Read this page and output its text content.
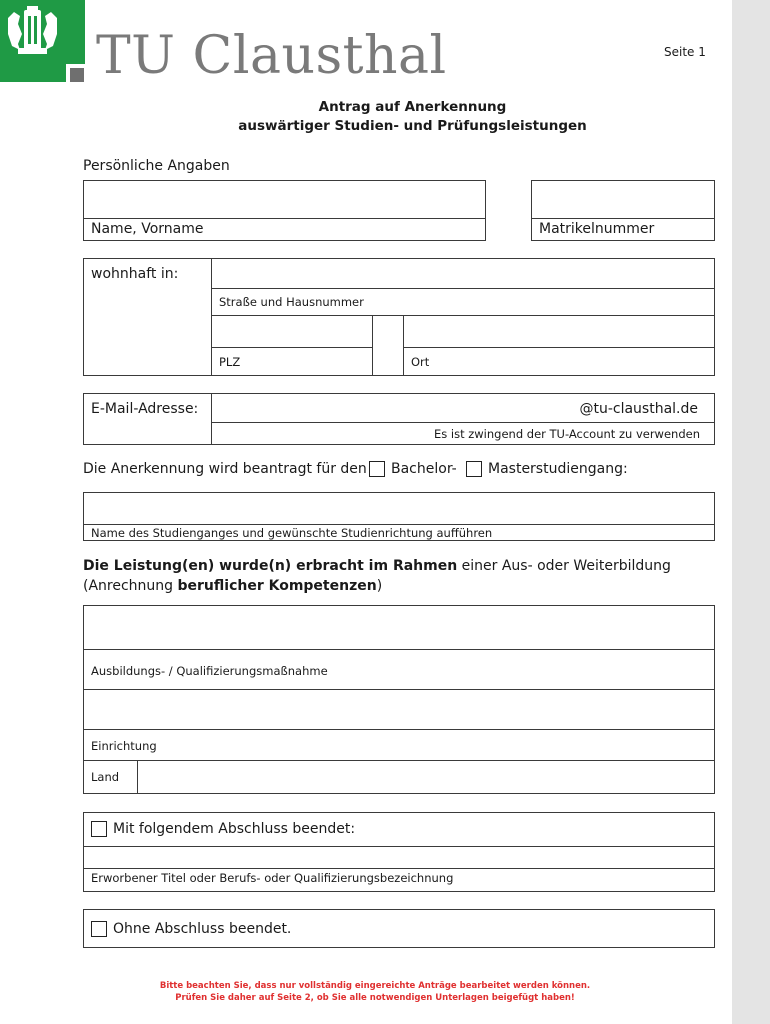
TU Clausthal	Seite 1
Antrag auf Anerkennung
auswärtiger Studien- und Prüfungsleistungen
Persönliche Angaben
Name, Vorname	Matrikelnummer
wohnhaft in:
Straße und Hausnummer
PLZ	Ort
E-Mail-Adresse:	@tu-clausthal.de
Es ist zwingend der TU-Account zu verwenden
Die Anerkennung wird beantragt für den Bachelor- Masterstudiengang:
Name des Studienganges und gewünschte Studienrichtung aufführen
Die Leistung(en) wurde(n) erbracht im Rahmen einer Aus- oder Weiterbildung
(Anrechnung beruflicher Kompetenzen)
Ausbildungs- / Qualifizierungsmaßnahme
Einrichtung
Land
Mit folgendem Abschluss beendet:
Erworbener Titel oder Berufs- oder Qualifizierungsbezeichnung
Ohne Abschluss beendet.
Bitte beachten Sie, dass nur vollständig eingereichte Anträge bearbeitet werden können.
Prüfen Sie daher auf Seite 2, ob Sie alle notwendigen Unterlagen beigefügt haben!
